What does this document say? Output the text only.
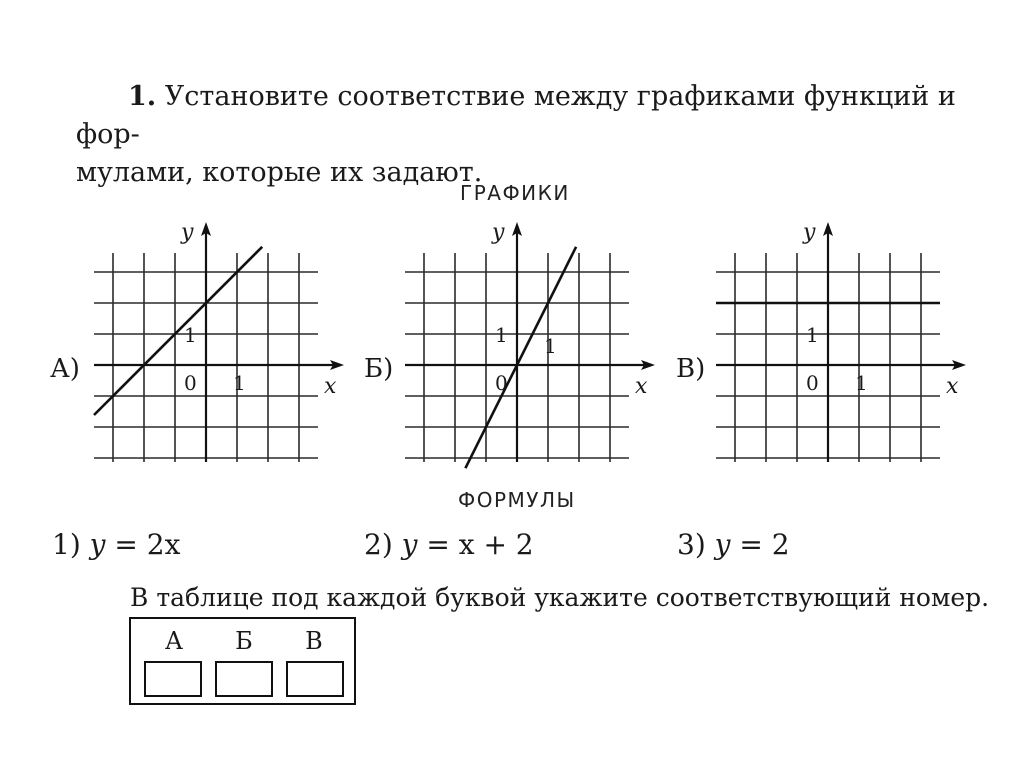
1. Установите соответствие между графиками функций и фор-
мулами, которые их задают.

ГРАФИКИ
А)
y
x
0
1
1	Б)
y
x
0
1 1
В)
y
x
0
1
1
ФОРМУЛЫ
1) y = 2x	2) y = x + 2	3) y = 2

В таблице под каждой буквой укажите соответствующий номер.

А	Б	В
